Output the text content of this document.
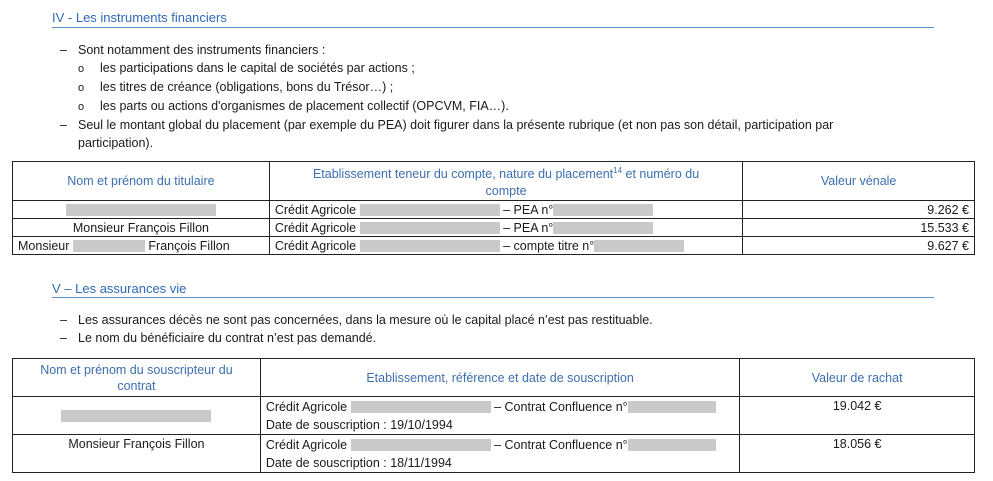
IV - Les instruments financiers
– Sont notamment des instruments financiers :
o les participations dans le capital de sociétés par actions ;
o les titres de créance (obligations, bons du Trésor…) ;
o les parts ou actions d'organismes de placement collectif (OPCVM, FIA…).
– Seul le montant global du placement (par exemple du PEA) doit figurer dans la présente rubrique (et non pas son détail, participation par
participation).
Nom et prénom du titulaire	Etablissement teneur du compte, nature du placement$^{14}$ et numéro du
compte	Valeur vénale
	Crédit Agricole – PEA n°	9.262 €
Monsieur François Fillon	Crédit Agricole – PEA n°	15.533 €
Monsieur François Fillon	Crédit Agricole – compte titre n°	9.627 €
V – Les assurances vie
– Les assurances décès ne sont pas concernées, dans la mesure où le capital placé n’est pas restituable.
– Le nom du bénéficiaire du contrat n’est pas demandé.
Nom et prénom du souscripteur du
contrat	Etablissement, référence et date de souscription	Valeur de rachat
	Crédit Agricole – Contrat Confluence n°
Date de souscription : 19/10/1994	19.042 €
Monsieur François Fillon	Crédit Agricole – Contrat Confluence n°
Date de souscription : 18/11/1994	18.056 €
